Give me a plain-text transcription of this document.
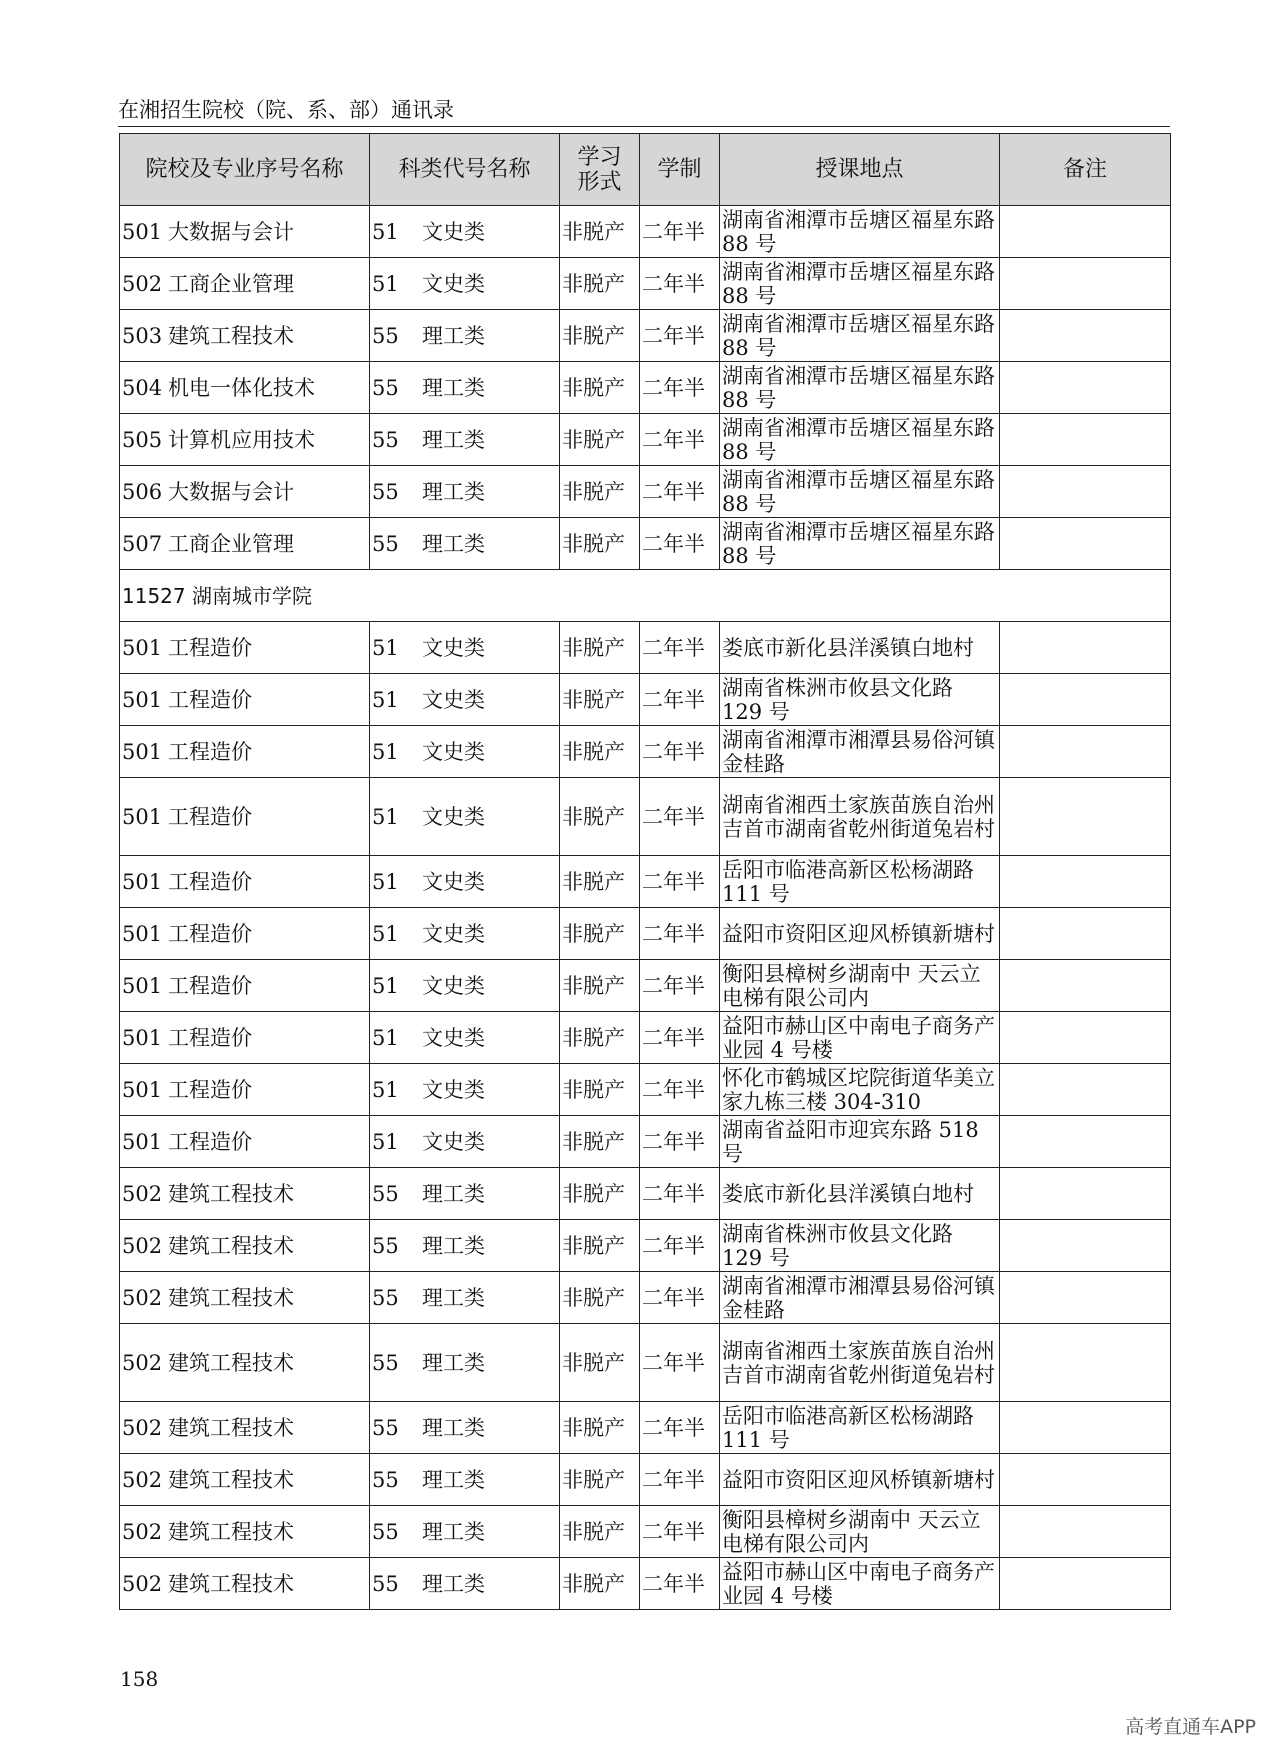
在湘招生院校（院、系、部）通讯录
院校及专业序号名称	科类代号名称	学习
形式	学制	授课地点	备注
501 大数据与会计	51 文史类	非脱产	二年半	湖南省湘潭市岳塘区福星东路 88 号	
502 工商企业管理	51 文史类	非脱产	二年半	湖南省湘潭市岳塘区福星东路 88 号	
503 建筑工程技术	55 理工类	非脱产	二年半	湖南省湘潭市岳塘区福星东路 88 号	
504 机电一体化技术	55 理工类	非脱产	二年半	湖南省湘潭市岳塘区福星东路 88 号	
505 计算机应用技术	55 理工类	非脱产	二年半	湖南省湘潭市岳塘区福星东路 88 号	
506 大数据与会计	55 理工类	非脱产	二年半	湖南省湘潭市岳塘区福星东路 88 号	
507 工商企业管理	55 理工类	非脱产	二年半	湖南省湘潭市岳塘区福星东路 88 号	
11527 湖南城市学院					
501 工程造价	51 文史类	非脱产	二年半	娄底市新化县洋溪镇白地村	
501 工程造价	51 文史类	非脱产	二年半	湖南省株洲市攸县文化路 129 号	
501 工程造价	51 文史类	非脱产	二年半	湖南省湘潭市湘潭县易俗河镇金桂路	
501 工程造价	51 文史类	非脱产	二年半	湖南省湘西土家族苗族自治州吉首市湖南省乾州街道兔岩村	
501 工程造价	51 文史类	非脱产	二年半	岳阳市临港高新区松杨湖路 111 号	
501 工程造价	51 文史类	非脱产	二年半	益阳市资阳区迎风桥镇新塘村	
501 工程造价	51 文史类	非脱产	二年半	衡阳县樟树乡湖南中 天云立电梯有限公司内	
501 工程造价	51 文史类	非脱产	二年半	益阳市赫山区中南电子商务产业园 4 号楼	
501 工程造价	51 文史类	非脱产	二年半	怀化市鹤城区坨院街道华美立家九栋三楼 304-310	
501 工程造价	51 文史类	非脱产	二年半	湖南省益阳市迎宾东路 518 号	
502 建筑工程技术	55 理工类	非脱产	二年半	娄底市新化县洋溪镇白地村	
502 建筑工程技术	55 理工类	非脱产	二年半	湖南省株洲市攸县文化路 129 号	
502 建筑工程技术	55 理工类	非脱产	二年半	湖南省湘潭市湘潭县易俗河镇金桂路	
502 建筑工程技术	55 理工类	非脱产	二年半	湖南省湘西土家族苗族自治州吉首市湖南省乾州街道兔岩村	
502 建筑工程技术	55 理工类	非脱产	二年半	岳阳市临港高新区松杨湖路 111 号	
502 建筑工程技术	55 理工类	非脱产	二年半	益阳市资阳区迎风桥镇新塘村	
502 建筑工程技术	55 理工类	非脱产	二年半	衡阳县樟树乡湖南中 天云立电梯有限公司内	
502 建筑工程技术	55 理工类	非脱产	二年半	益阳市赫山区中南电子商务产业园 4 号楼	
158
高考直通车APP
